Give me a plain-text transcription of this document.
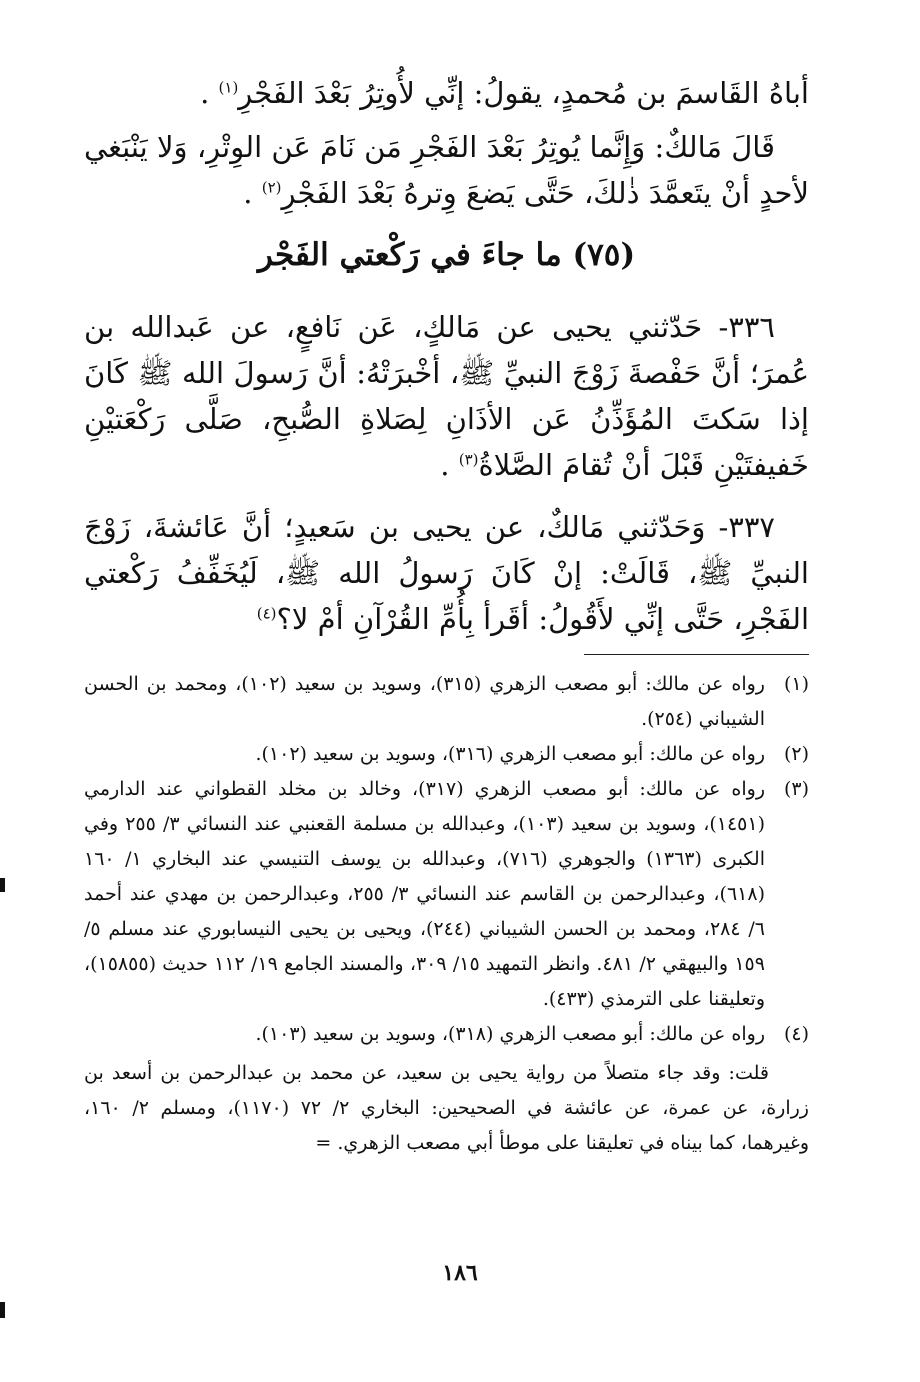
أباهُ القَاسمَ بن مُحمدٍ، يقولُ: إنِّي لأُوتِرُ بَعْدَ الفَجْرِ$^{(١)}$ .

قَالَ مَالكٌ: وَإِنَّما يُوتِرُ بَعْدَ الفَجْرِ مَن نَامَ عَن الوِتْرِ، وَلا يَنْبَغي لأحدٍ أنْ يتَعمَّدَ ذٰلكَ، حَتَّى يَضعَ وِترهُ بَعْدَ الفَجْرِ$^{(٢)}$ .

(٧٥) ما جاءَ في رَكْعتي الفَجْر

٣٣٦- حَدّثني يحيى عن مَالكٍ، عَن نَافعٍ، عن عَبدالله بن عُمرَ؛ أنَّ حَفْصةَ زَوْجَ النبيِّ ﷺ، أخْبرَتْهُ: أنَّ رَسولَ الله ﷺ كَانَ إذا سَكتَ المُؤَذِّنُ عَن الأذَانِ لِصَلاةِ الصُّبحِ، صَلَّى رَكْعَتيْنِ خَفيفتَيْنِ قَبْلَ أنْ تُقامَ الصَّلاةُ$^{(٣)}$ .

٣٣٧- وَحَدّثني مَالكٌ، عن يحيى بن سَعيدٍ؛ أنَّ عَائشةَ، زَوْجَ النبيِّ ﷺ، قَالَتْ: إنْ كَانَ رَسولُ الله ﷺ، لَيُخَفِّفُ رَكْعتي الفَجْرِ، حَتَّى إنِّي لأَقُولُ: أقَرأ بِأُمِّ القُرْآنِ أمْ لا؟$^{(٤)}$

(١)
رواه عن مالك: أبو مصعب الزهري (٣١٥)، وسويد بن سعيد (١٠٢)، ومحمد بن الحسن الشيباني (٢٥٤).
(٢)
رواه عن مالك: أبو مصعب الزهري (٣١٦)، وسويد بن سعيد (١٠٢).
(٣)
رواه عن مالك: أبو مصعب الزهري (٣١٧)، وخالد بن مخلد القطواني عند الدارمي (١٤٥١)، وسويد بن سعيد (١٠٣)، وعبدالله بن مسلمة القعنبي عند النسائي ٣/ ٢٥٥ وفي الكبرى (١٣٦٣) والجوهري (٧١٦)، وعبدالله بن يوسف التنيسي عند البخاري ١/ ١٦٠ (٦١٨)، وعبدالرحمن بن القاسم عند النسائي ٣/ ٢٥٥، وعبدالرحمن بن مهدي عند أحمد ٦/ ٢٨٤، ومحمد بن الحسن الشيباني (٢٤٤)، ويحيى بن يحيى النيسابوري عند مسلم ٥/ ١٥٩ والبيهقي ٢/ ٤٨١. وانظر التمهيد ١٥/ ٣٠٩، والمسند الجامع ١٩/ ١١٢ حديث (١٥٨٥٥)، وتعليقنا على الترمذي (٤٣٣).
(٤)
رواه عن مالك: أبو مصعب الزهري (٣١٨)، وسويد بن سعيد (١٠٣).
قلت: وقد جاء متصلاً من رواية يحيى بن سعيد، عن محمد بن عبدالرحمن بن أسعد بن زرارة، عن عمرة، عن عائشة في الصحيحين: البخاري ٢/ ٧٢ (١١٧٠)، ومسلم ٢/ ١٦٠، وغيرهما، كما بيناه في تعليقنا على موطأ أبي مصعب الزهري. =
١٨٦
